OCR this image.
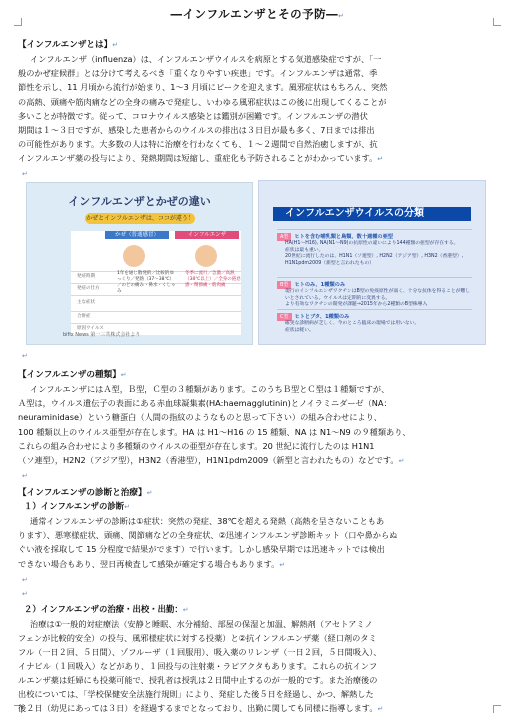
―インフルエンザとその予防―↵
【インフルエンザとは】↵
インフルエンザ（influenza）は、インフルエンザウイルスを病原とする気道感染症ですが、「一
般のかぜ症候群」とは分けて考えるべき「重くなりやすい疾患」です。インフルエンザは通常、季
節性を示し、11 月頃から流行が始まり、1～3 月頃にピークを迎えます。風邪症状はもちろん、突然
の高熱、頭痛や筋肉痛などの全身の痛みで発症し、いわゆる風邪症状はこの後に出現してくることが
多いことが特徴です。従って、コロナウイルス感染とは鑑別が困難です。インフルエンザの潜伏
期間は１～３日ですが、感染した患者からのウイルスの排出は３日目が最も多く、7日までは排出
の可能性があります。大多数の人は特に治療を行わなくても、１～２週間で自然治癒しますが、抗
インフルエンザ薬の投与により、発熱期間は短縮し、重症化も予防されることがわかっています。↵
↵
インフルエンザとかぜの違い
かぜとインフルエンザは、ココが違う！
かぜ（普通感冒）	インフルエンザ
発症時期
発症の仕方
主な症状
合併症
原因ウイルス
1年を通じ散発的／比較的ゆっくり／発熱（37〜38℃）／のどの痛み・鼻水・くしゃみ
冬季に流行／急激／高熱（38℃以上）／全身の倦怠感・関節痛・筋肉痛
bifix News 第一三共株式会社より
インフルエンザウイルスの分類
A型 ヒトを含む哺乳類と鳥類、数十週種の亜型
HA(H1〜H16), NA(N1〜N9)の抗原性の違いにより144種類の亜型が存在する。
症状は最も重い。
20世紀に流行したのは、H1N1（ソ連型）, H2N2（アジア型）, H3N2（香港型）, H1N1pdm2009（新型と言われたもの）
B型 ヒトのみ、1種類のみ
現行のインフルエンザワクチンはB型の免疫原性が弱く、十分な抗体を得ることが難しいとされている。ウイルスは定期的に変異する。
より有効なワクチンの開発が課題→2015年から2種類のB型株導入
C型 ヒトとブタ、1種類のみ
確実な診断病が乏しく、今のところ臨床の現場では用いない。
症状は軽い。
↵
【インフルエンザの種類】↵
インフルエンザにはＡ型，Ｂ型，Ｃ型の３種類があります。このうちＢ型とＣ型は１種類ですが、
Ａ型は，ウイルス遺伝子の表面にある赤血球凝集素(HA:haemagglutinin)とノイラミニダーゼ（NA：
neuraminidase）という糖蛋白（人間の指紋のようなものと思って下さい）の組み合わせにより、
100 種類以上のウイルス亜型が存在します。HA は H1～H16 の 15 種類、NA は N1～N9 の９種類あり、
これらの組み合わせにより多種類のウイルスの亜型が存在します。20 世紀に流行したのは H1N1
（ソ連型），H2N2（アジア型），H3N2（香港型），H1N1pdm2009（新型と言われたもの）などです。↵
↵
【インフルエンザの診断と治療】↵
１）インフルエンザの診断↵
通常インフルエンザの診断は①症状：突然の発症、38℃を超える発熱（高熱を呈さないこともあ
ります）、悪寒様症状、頭痛、関節痛などの全身症状、②迅速インフルエンザ診断キット（口や鼻からぬ
ぐい液を採取して 15 分程度で結果がでます）で行います。しかし感染早期では迅速キットでは検出
できない場合もあり、翌日再検査して感染が確定する場合もあります。↵
↵
↵
２）インフルエンザの治療・出校・出勤：↵
治療は①一般的対症療法（安静と睡眠、水分補給、部屋の保湿と加温、解熱剤（アセトアミノ
フェンが比較的安全）の投与、風邪様症状に対する投薬）と②抗インフルエンザ薬（経口剤のタミ
フル（一日２回、５日間）、ゾフルーザ（１回服用）、吸入薬のリレンザ（一日２回，５日間吸入）、
イナビル（１回吸入）などがあり、１回投与の注射薬・ラピアクタもあります。これらの抗インフ
ルエンザ薬は妊婦にも投薬可能で、授乳者は授乳は２日間中止するのが一般的です。また治療後の
出校については、「学校保健安全法施行規則」により、発症した後５日を経過し、かつ、解熱した
後２日（幼児にあっては３日）を経過するまでとなっており、出勤に関しても同様に指導します。↵
